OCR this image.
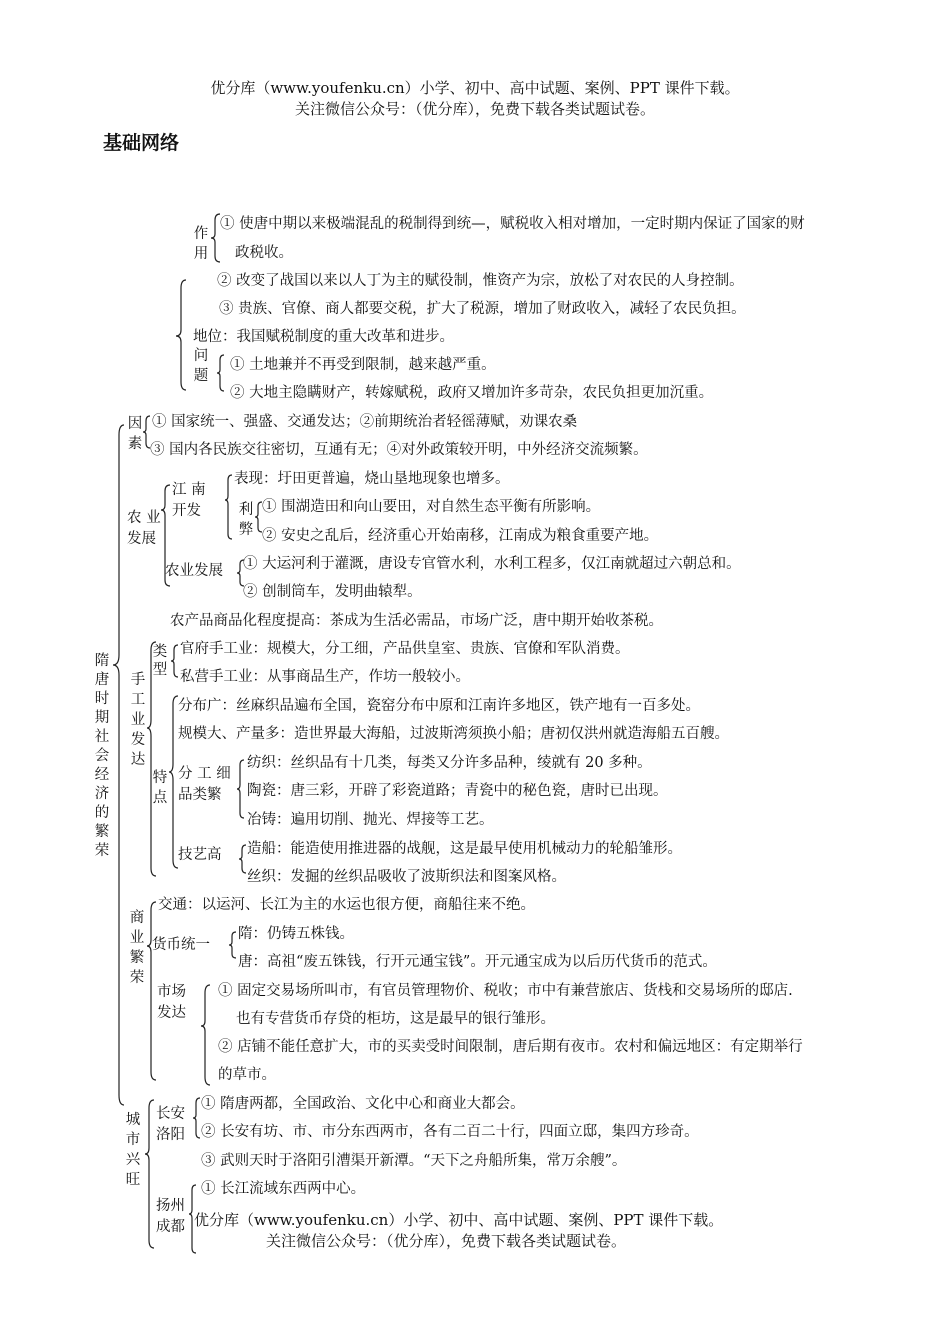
优分库（www.youfenku.cn）小学、初中、高中试题、案例、PPT 课件下载。
关注微信公众号：（优分库），免费下载各类试题试卷。
基础网络
作用
① 使唐中期以来极端混乱的税制得到统—，赋税收入相对增加，一定时期内保证了国家的财
政税收。
② 改变了战国以来以人丁为主的赋役制，惟资产为宗，放松了对农民的人身控制。
③ 贵族、官僚、商人都要交税，扩大了税源，增加了财政收入，减轻了农民负担。
地位：我国赋税制度的重大改革和进步。
问题
① 土地兼并不再受到限制，越来越严重。
② 大地主隐瞒财产，转嫁赋税，政府又增加许多苛杂，农民负担更加沉重。
隋唐时期社会经济的繁荣
因素
① 国家统一、强盛、交通发达；②前期统治者轻徭薄赋，劝课农桑
③ 国内各民族交往密切，互通有无；④对外政策较开明，中外经济交流频繁。
农 业发展
江 南开发
表现：圩田更普遍，烧山垦地现象也增多。
利弊
① 围湖造田和向山要田，对自然生态平衡有所影响。
② 安史之乱后，经济重心开始南移，江南成为粮食重要产地。
农业发展 ① 大运河利于灌溉，唐设专官管水利，水利工程多，仅江南就超过六朝总和。
② 创制筒车，发明曲辕犁。
农产品商品化程度提高：茶成为生活必需品，市场广泛，唐中期开始收茶税。
手工业发达
类型
官府手工业：规模大，分工细，产品供皇室、贵族、官僚和军队消费。
私营手工业：从事商品生产，作坊一般较小。
特点
分布广：丝麻织品遍布全国，瓷窑分布中原和江南许多地区，铁产地有一百多处。
规模大、产量多：造世界最大海船，过波斯湾须换小船；唐初仅洪州就造海船五百艘。
分 工 细品类繁
纺织：丝织品有十几类，每类又分许多品种，绫就有 20 多种。
陶瓷：唐三彩，开辟了彩瓷道路；青瓷中的秘色瓷，唐时已出现。
冶铸：遍用切削、抛光、焊接等工艺。
技艺高 造船：能造使用推进器的战舰，这是最早使用机械动力的轮船雏形。
丝织：发掘的丝织品吸收了波斯织法和图案风格。
商业繁荣
交通：以运河、长江为主的水运也很方便，商船往来不绝。
货币统一
隋：仍铸五株钱。
唐：高祖“废五铢钱，行开元通宝钱”。开元通宝成为以后历代货币的范式。
市场发达
① 固定交易场所叫市，有官员管理物价、税收；市中有兼营旅店、货栈和交易场所的邸店.
也有专营货币存贷的柜坊，这是最早的银行雏形。
② 店铺不能任意扩大，市的买卖受时间限制，唐后期有夜市。农村和偏远地区：有定期举行
的草市。
城市兴旺
长安洛阳
① 隋唐两都，全国政治、文化中心和商业大都会。
② 长安有坊、市、市分东西两市，各有二百二十行，四面立邸，集四方珍奇。
③ 武则天时于洛阳引漕渠开新潭。“天下之舟船所集，常万余艘”。
扬州成都
① 长江流域东西两中心。
优分库（www.youfenku.cn）小学、初中、高中试题、案例、PPT 课件下载。
关注微信公众号：（优分库），免费下载各类试题试卷。
